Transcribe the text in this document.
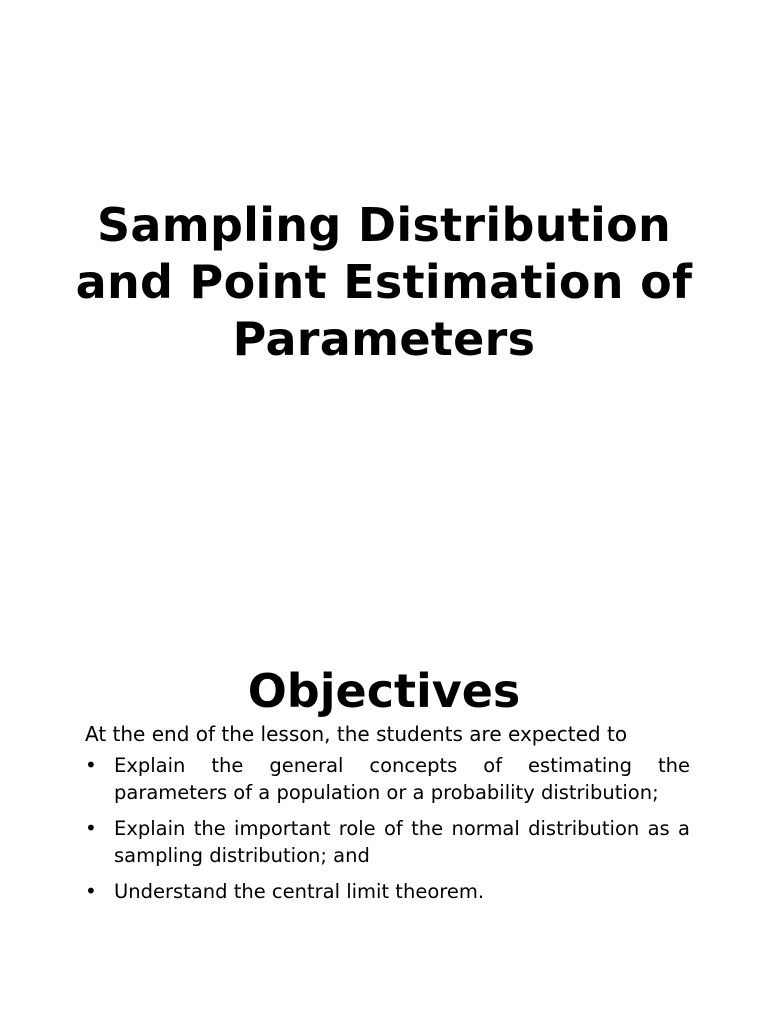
Sampling Distribution and Point Estimation of Parameters
Objectives

At the end of the lesson, the students are expected to

• Explain the general concepts of estimating the parameters of a population or a probability distribution;
• Explain the important role of the normal distribution as a sampling distribution; and
• Understand the central limit theorem.
